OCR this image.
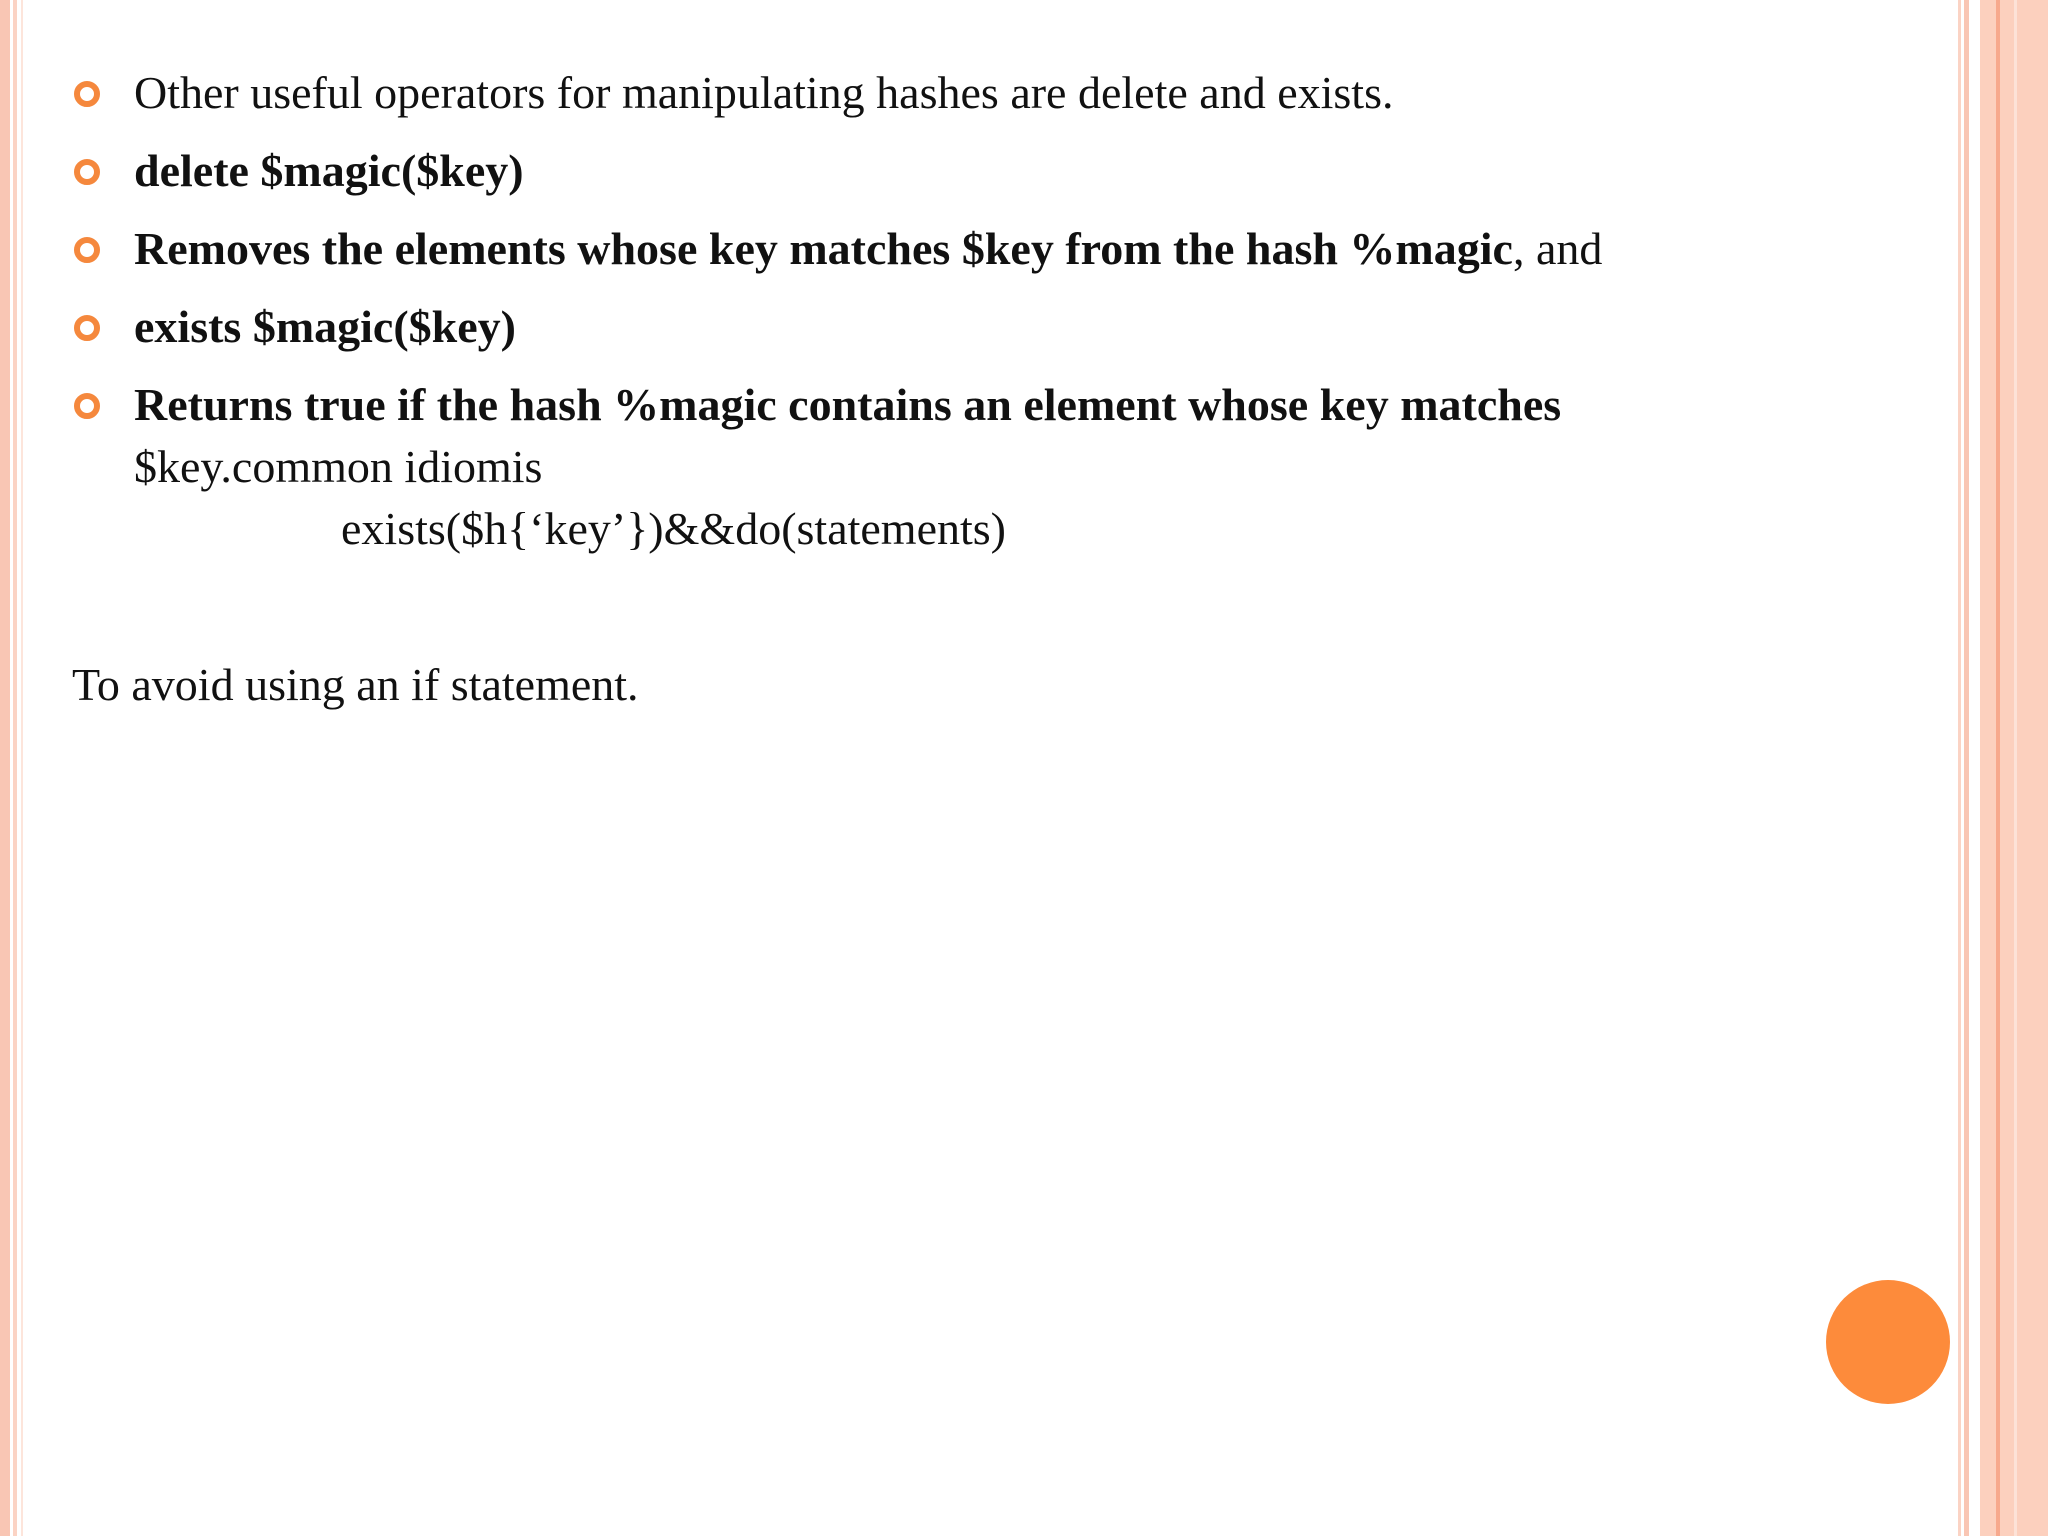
Other useful operators for manipulating hashes are delete and exists.
delete $magic($key)
Removes the elements whose key matches $key from the hash %magic, and
exists $magic($key)
Returns true if the hash %magic contains an element whose key matches
$key.common idiomis
exists($h{‘key’})&&do(statements)
To avoid using an if statement.
